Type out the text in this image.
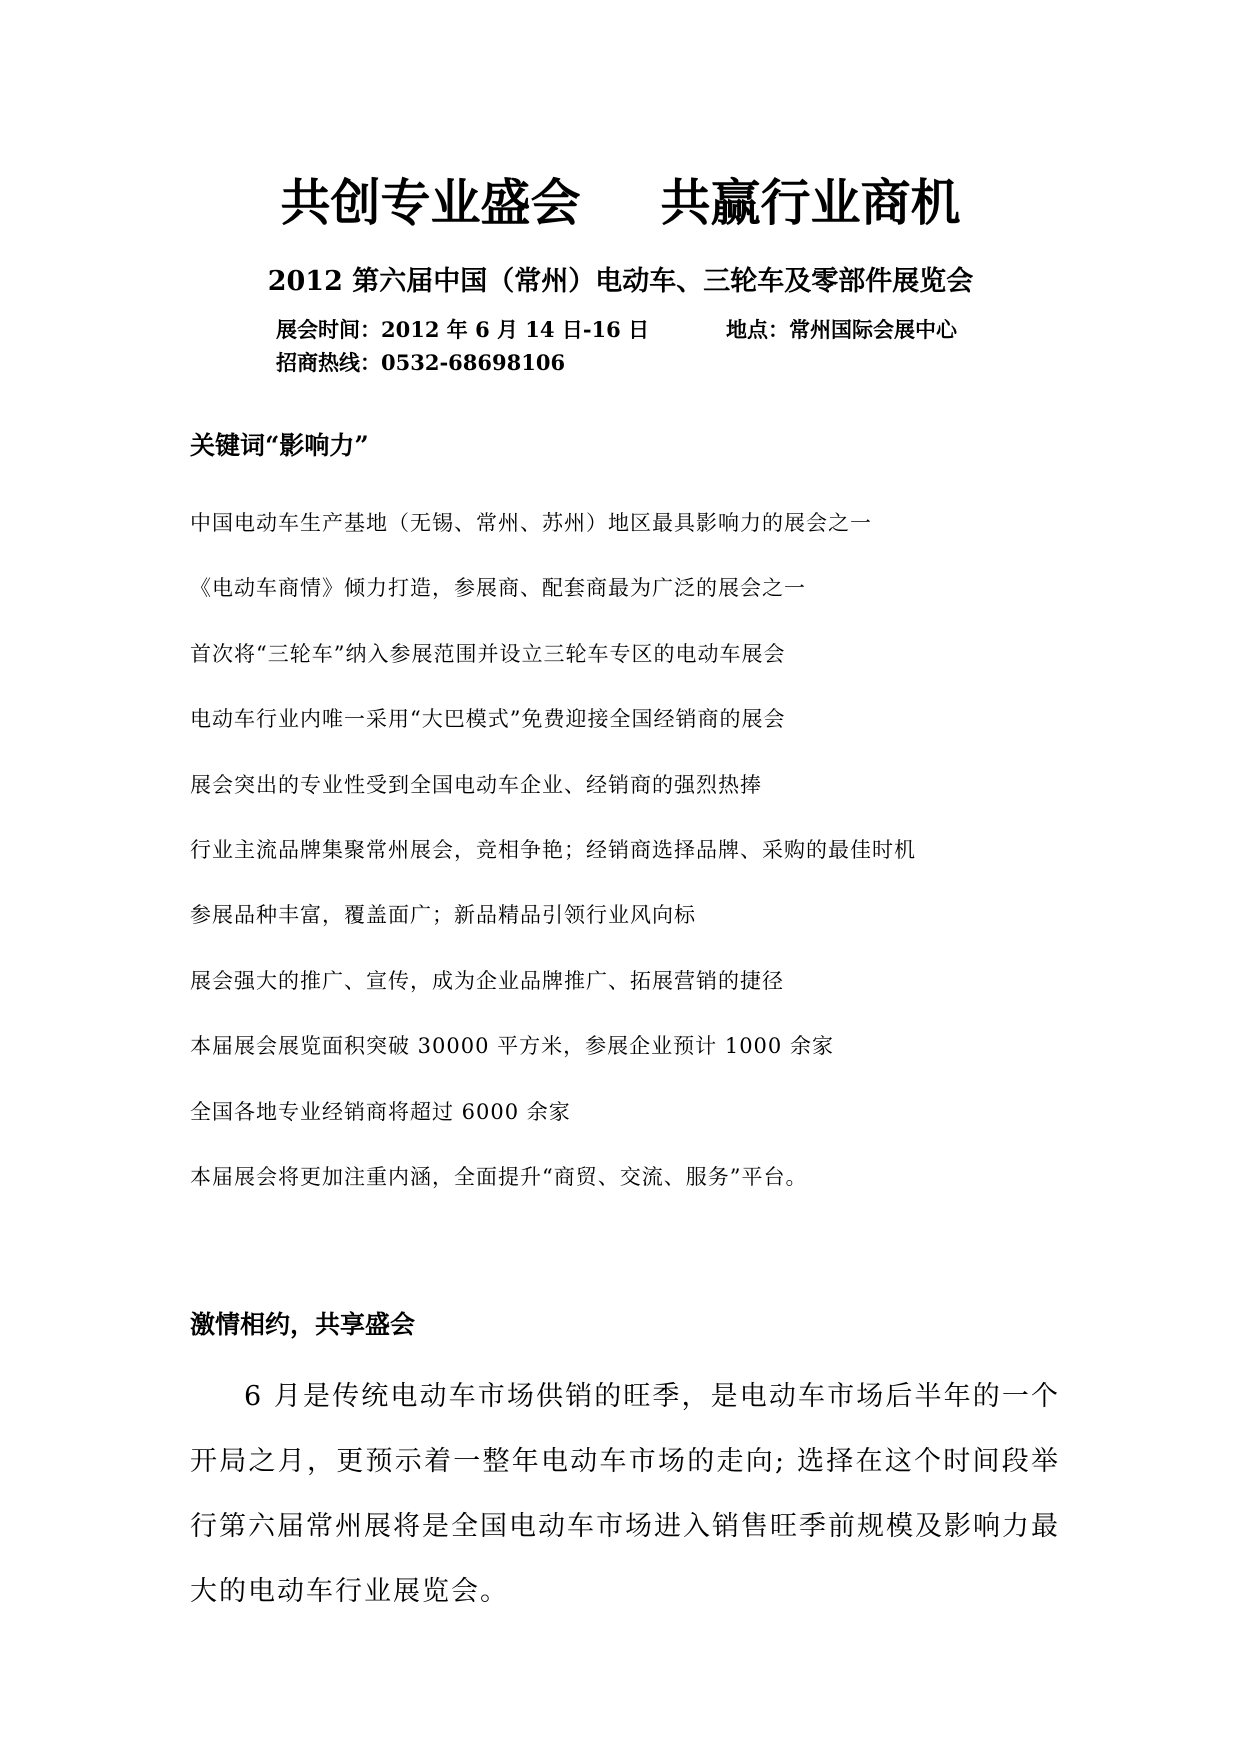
共创专业盛会 共赢行业商机
2012 第六届中国（常州）电动车、三轮车及零部件展览会
展会时间：2012 年 6 月 14 日-16 日	地点：常州国际会展中心
招商热线：0532-68698106
关键词“影响力”
中国电动车生产基地（无锡、常州、苏州）地区最具影响力的展会之一
《电动车商情》倾力打造，参展商、配套商最为广泛的展会之一
首次将“三轮车”纳入参展范围并设立三轮车专区的电动车展会
电动车行业内唯一采用“大巴模式”免费迎接全国经销商的展会
展会突出的专业性受到全国电动车企业、经销商的强烈热捧
行业主流品牌集聚常州展会，竞相争艳；经销商选择品牌、采购的最佳时机
参展品种丰富，覆盖面广；新品精品引领行业风向标
展会强大的推广、宣传，成为企业品牌推广、拓展营销的捷径
本届展会展览面积突破 30000 平方米，参展企业预计 1000 余家
全国各地专业经销商将超过 6000 余家
本届展会将更加注重内涵，全面提升“商贸、交流、服务”平台。
激情相约，共享盛会

6 月是传统电动车市场供销的旺季，是电动车市场后半年的一个开局之月，更预示着一整年电动车市场的走向; 选择在这个时间段举行第六届常州展将是全国电动车市场进入销售旺季前规模及影响力最大的电动车行业展览会。
